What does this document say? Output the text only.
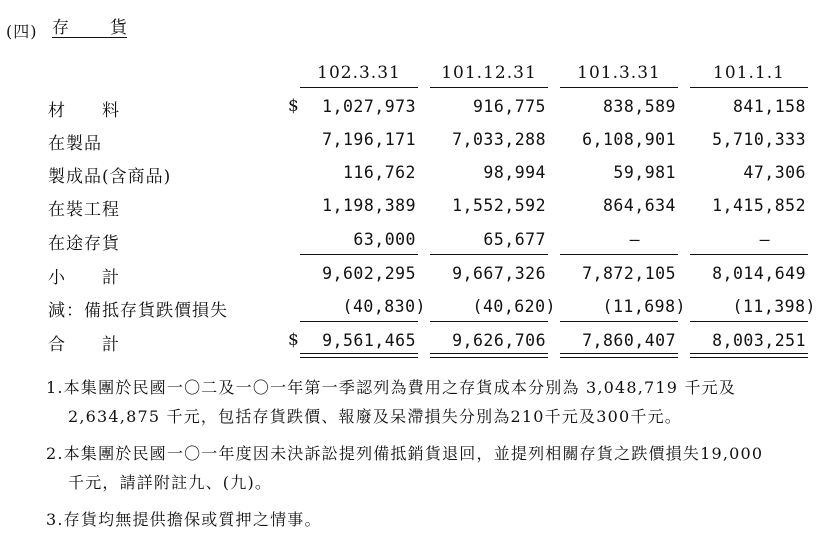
(四) 存 貨
102.3.31	101.12.31	101.3.31	101.1.1
材 料	$	1,027,973	916,775	838,589	841,158
在製品	7,196,171	7,033,288	6,108,901	5,710,333
製成品(含商品)	116,762	98,994	59,981	47,306
在裝工程	1,198,389	1,552,592	864,634	1,415,852
在途存貨	63,000	65,677	—	—
小 計	9,602,295	9,667,326	7,872,105	8,014,649
減：備抵存貨跌價損失	(40,830)	(40,620)	(11,698)	(11,398)
合 計	$	9,561,465	9,626,706	7,860,407	8,003,251
1.本集團於民國一〇二及一〇一年第一季認列為費用之存貨成本分別為 3,048,719 千元及
2,634,875 千元，包括存貨跌價、報廢及呆滯損失分別為210千元及300千元。
2.本集團於民國一〇一年度因未決訴訟提列備抵銷貨退回，並提列相關存貨之跌價損失19,000
千元，請詳附註九、(九)。
3.存貨均無提供擔保或質押之情事。
